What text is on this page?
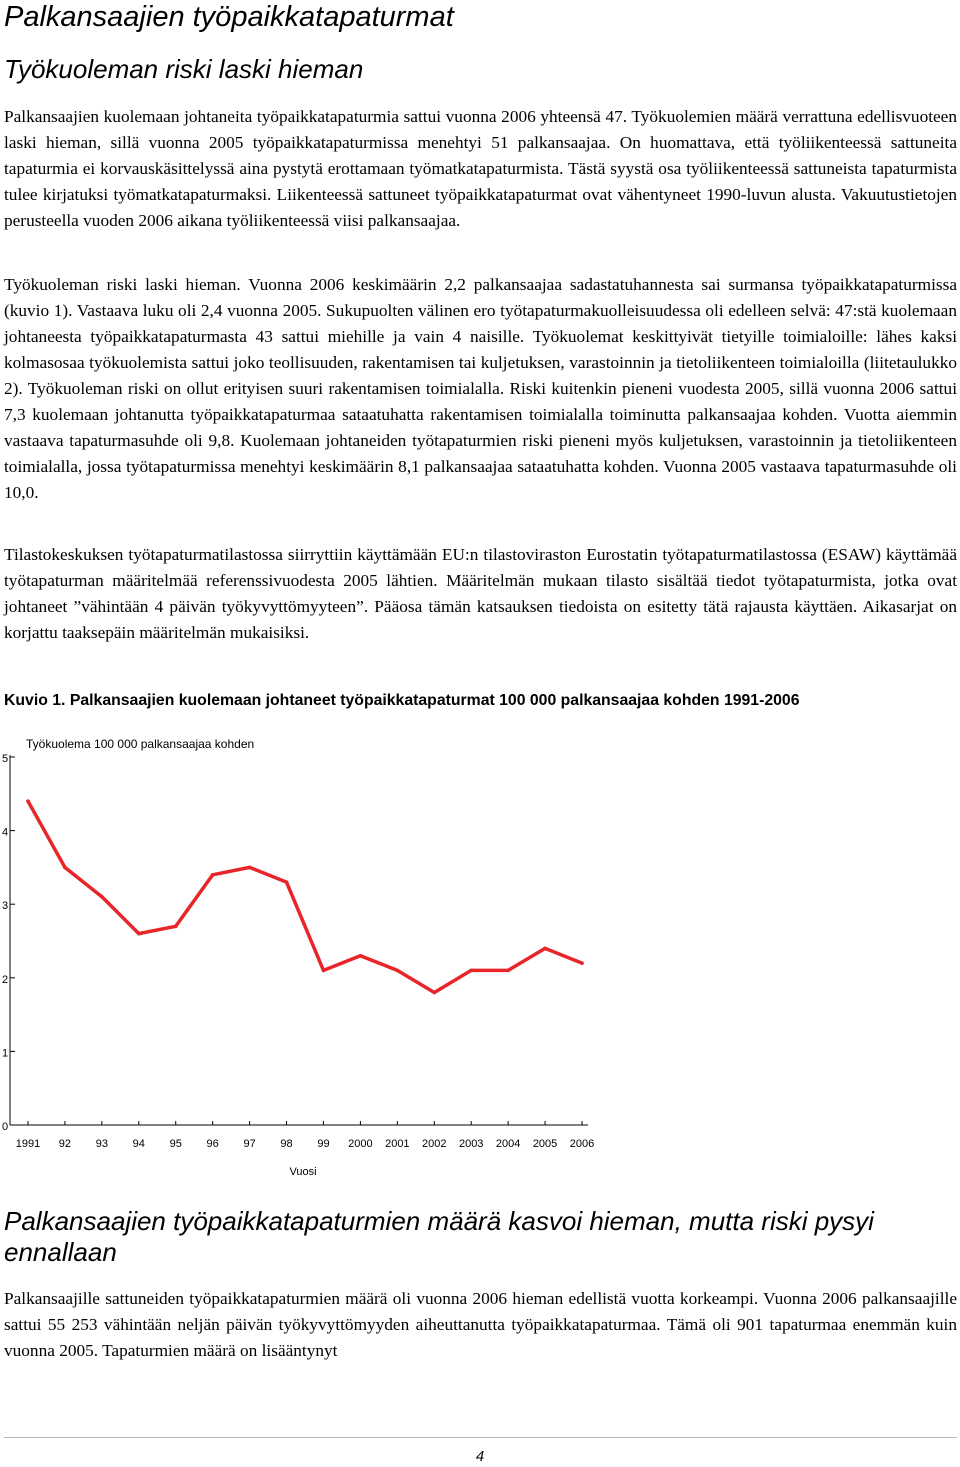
Palkansaajien työpaikkatapaturmat
Työkuoleman riski laski hieman

Palkansaajien kuolemaan johtaneita työpaikkatapaturmia sattui vuonna 2006 yhteensä 47. Työkuolemien määrä verrattuna edellisvuoteen laski hieman, sillä vuonna 2005 työpaikkatapaturmissa menehtyi 51 palkansaajaa. On huomattava, että työliikenteessä sattuneita tapaturmia ei korvauskäsittelyssä aina pystytä erottamaan työmatkatapaturmista. Tästä syystä osa työliikenteessä sattuneista tapaturmista tulee kirjatuksi työmatkatapaturmaksi. Liikenteessä sattuneet työpaikkatapaturmat ovat vähentyneet 1990-luvun alusta. Vakuutustietojen perusteella vuoden 2006 aikana työliikenteessä viisi palkansaajaa.

Työkuoleman riski laski hieman. Vuonna 2006 keskimäärin 2,2 palkansaajaa sadastatuhannesta sai surmansa työpaikkatapaturmissa (kuvio 1). Vastaava luku oli 2,4 vuonna 2005. Sukupuolten välinen ero työtapaturmakuolleisuudessa oli edelleen selvä: 47:stä kuolemaan johtaneesta työpaikkatapaturmasta 43 sattui miehille ja vain 4 naisille. Työkuolemat keskittyivät tietyille toimialoille: lähes kaksi kolmasosaa työkuolemista sattui joko teollisuuden, rakentamisen tai kuljetuksen, varastoinnin ja tietoliikenteen toimialoilla (liitetaulukko 2). Työkuoleman riski on ollut erityisen suuri rakentamisen toimialalla. Riski kuitenkin pieneni vuodesta 2005, sillä vuonna 2006 sattui 7,3 kuolemaan johtanutta työpaikkatapaturmaa sataatuhatta rakentamisen toimialalla toiminutta palkansaajaa kohden. Vuotta aiemmin vastaava tapaturmasuhde oli 9,8. Kuolemaan johtaneiden työtapaturmien riski pieneni myös kuljetuksen, varastoinnin ja tietoliikenteen toimialalla, jossa työtapaturmissa menehtyi keskimäärin 8,1 palkansaajaa sataatuhatta kohden. Vuonna 2005 vastaava tapaturmasuhde oli 10,0.

Tilastokeskuksen työtapaturmatilastossa siirryttiin käyttämään EU:n tilastoviraston Eurostatin työtapaturmatilastossa (ESAW) käyttämää työtapaturman määritelmää referenssivuodesta 2005 lähtien. Määritelmän mukaan tilasto sisältää tiedot työtapaturmista, jotka ovat johtaneet ”vähintään 4 päivän työkyvyttömyyteen”. Pääosa tämän katsauksen tiedoista on esitetty tätä rajausta käyttäen. Aikasarjat on korjattu taaksepäin määritelmän mukaisiksi.

Kuvio 1. Palkansaajien kuolemaan johtaneet työpaikkatapaturmat 100 000 palkansaajaa kohden 1991-2006

Työkuolema 100 000 palkansaajaa kohden
0
1
2
3
4
5
1991 92 93 94 95 96 97 98 99 2000 2001 2002 2003 2004 2005 2006
Vuosi
Palkansaajien työpaikkatapaturmien määrä kasvoi hieman, mutta riski pysyi ennallaan

Palkansaajille sattuneiden työpaikkatapaturmien määrä oli vuonna 2006 hieman edellistä vuotta korkeampi. Vuonna 2006 palkansaajille sattui 55 253 vähintään neljän päivän työkyvyttömyyden aiheuttanutta työpaikkatapaturmaa. Tämä oli 901 tapaturmaa enemmän kuin vuonna 2005. Tapaturmien määrä on lisääntynyt

4
